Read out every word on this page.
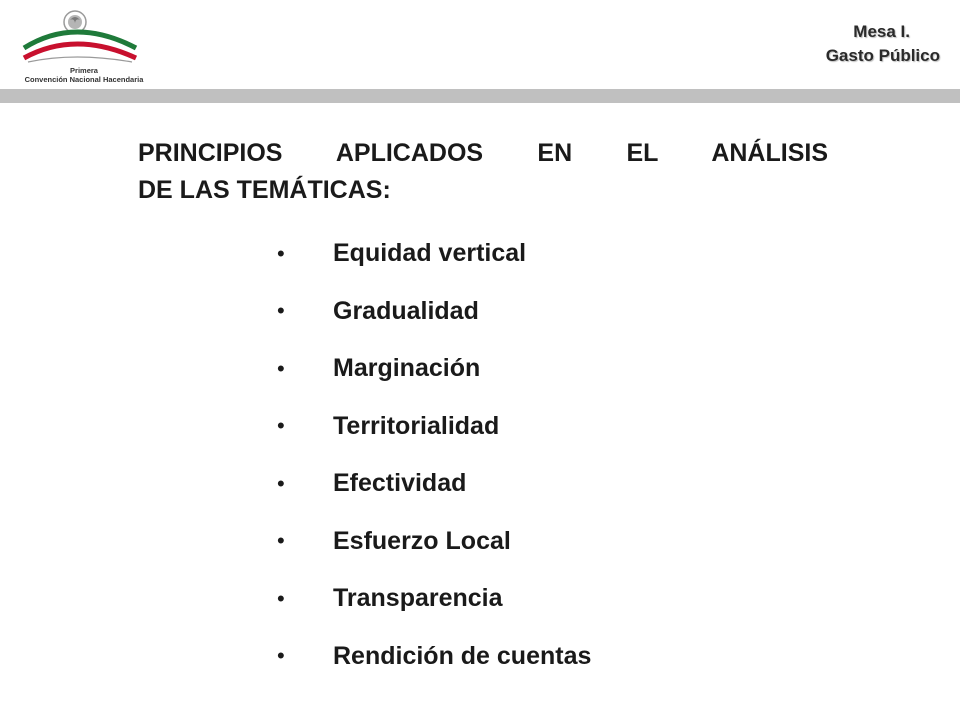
Primera
Convención Nacional Hacendaria
Mesa I.
Gasto Público
PRINCIPIOS APLICADOS EN EL ANÁLISIS
DE LAS TEMÁTICAS:
•	Equidad vertical
•	Gradualidad
•	Marginación
•	Territorialidad
•	Efectividad
•	Esfuerzo Local
•	Transparencia
•	Rendición de cuentas
